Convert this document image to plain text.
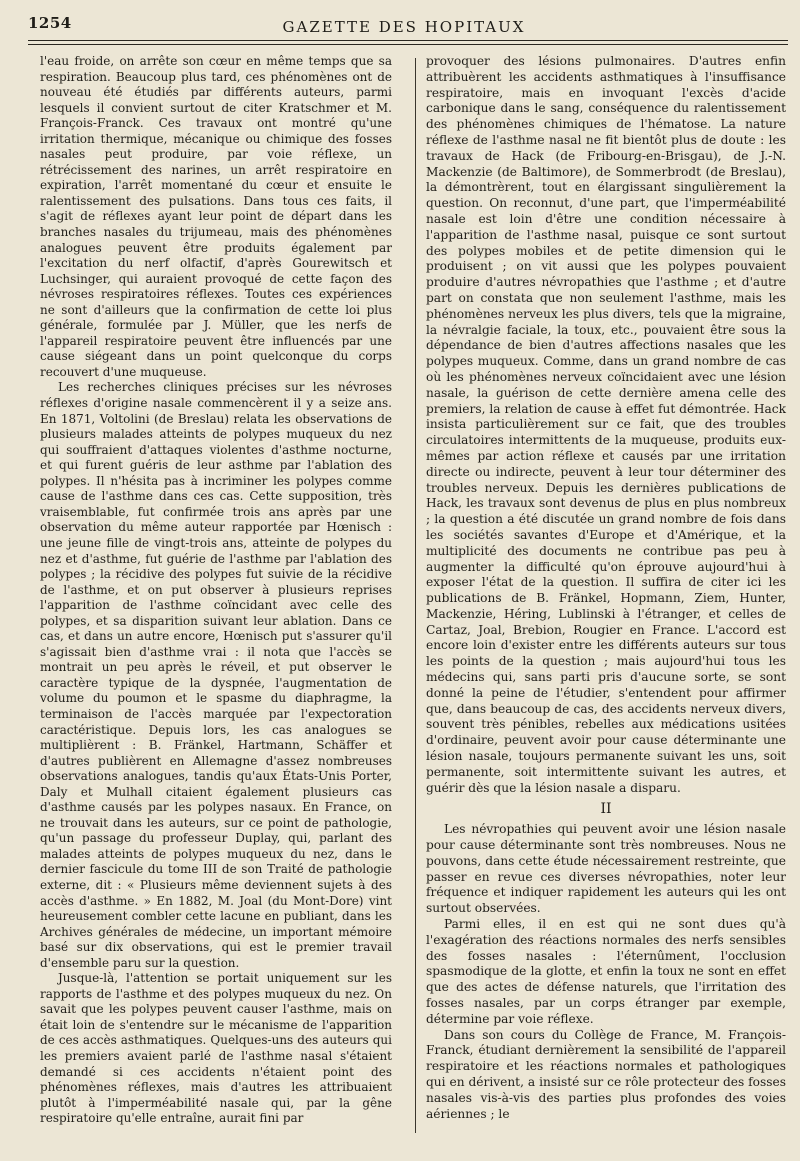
1254	GAZETTE DES HOPITAUX

l'eau froide, on arrête son cœur en même temps que sa respiration. Beaucoup plus tard, ces phénomènes ont de nouveau été étudiés par différents auteurs, parmi lesquels il convient surtout de citer Kratschmer et M. François-Franck. Ces travaux ont montré qu'une irritation thermique, mécanique ou chimique des fosses nasales peut produire, par voie réflexe, un rétrécissement des narines, un arrêt respiratoire en expiration, l'arrêt momentané du cœur et ensuite le ralentissement des pulsations. Dans tous ces faits, il s'agit de réflexes ayant leur point de départ dans les branches nasales du trijumeau, mais des phénomènes analogues peuvent être produits également par l'excitation du nerf olfactif, d'après Gourewitsch et Luchsinger, qui auraient provoqué de cette façon des névroses respiratoires réflexes. Toutes ces expériences ne sont d'ailleurs que la confirmation de cette loi plus générale, formulée par J. Müller, que les nerfs de l'appareil respiratoire peuvent être influencés par une cause siégeant dans un point quelconque du corps recouvert d'une muqueuse.

Les recherches cliniques précises sur les névroses réflexes d'origine nasale commencèrent il y a seize ans. En 1871, Voltolini (de Breslau) relata les observations de plusieurs malades atteints de polypes muqueux du nez qui souffraient d'attaques violentes d'asthme nocturne, et qui furent guéris de leur asthme par l'ablation des polypes. Il n'hésita pas à incriminer les polypes comme cause de l'asthme dans ces cas. Cette supposition, très vraisemblable, fut confirmée trois ans après par une observation du même auteur rapportée par Hœnisch : une jeune fille de vingt-trois ans, atteinte de polypes du nez et d'asthme, fut guérie de l'asthme par l'ablation des polypes ; la récidive des polypes fut suivie de la récidive de l'asthme, et on put observer à plusieurs reprises l'apparition de l'asthme coïncidant avec celle des polypes, et sa disparition suivant leur ablation. Dans ce cas, et dans un autre encore, Hœnisch put s'assurer qu'il s'agissait bien d'asthme vrai : il nota que l'accès se montrait un peu après le réveil, et put observer le caractère typique de la dyspnée, l'augmentation de volume du poumon et le spasme du diaphragme, la terminaison de l'accès marquée par l'expectoration caractéristique. Depuis lors, les cas analogues se multiplièrent : B. Fränkel, Hartmann, Schäffer et d'autres publièrent en Allemagne d'assez nombreuses observations analogues, tandis qu'aux États-Unis Porter, Daly et Mulhall citaient également plusieurs cas d'asthme causés par les polypes nasaux. En France, on ne trouvait dans les auteurs, sur ce point de pathologie, qu'un passage du professeur Duplay, qui, parlant des malades atteints de polypes muqueux du nez, dans le dernier fascicule du tome III de son Traité de pathologie externe, dit : « Plusieurs même deviennent sujets à des accès d'asthme. » En 1882, M. Joal (du Mont-Dore) vint heureusement combler cette lacune en publiant, dans les Archives générales de médecine, un important mémoire basé sur dix observations, qui est le premier travail d'ensemble paru sur la question.

Jusque-là, l'attention se portait uniquement sur les rapports de l'asthme et des polypes muqueux du nez. On savait que les polypes peuvent causer l'asthme, mais on était loin de s'entendre sur le mécanisme de l'apparition de ces accès asthmatiques. Quelques-uns des auteurs qui les premiers avaient parlé de l'asthme nasal s'étaient demandé si ces accidents n'étaient point des phénomènes réflexes, mais d'autres les attribuaient plutôt à l'imperméabilité nasale qui, par la gêne respiratoire qu'elle entraîne, aurait fini par

provoquer des lésions pulmonaires. D'autres enfin attribuèrent les accidents asthmatiques à l'insuffisance respiratoire, mais en invoquant l'excès d'acide carbonique dans le sang, conséquence du ralentissement des phénomènes chimiques de l'hématose. La nature réflexe de l'asthme nasal ne fit bientôt plus de doute : les travaux de Hack (de Fribourg-en-Brisgau), de J.-N. Mackenzie (de Baltimore), de Sommerbrodt (de Breslau), la démontrèrent, tout en élargissant singulièrement la question. On reconnut, d'une part, que l'imperméabilité nasale est loin d'être une condition nécessaire à l'apparition de l'asthme nasal, puisque ce sont surtout des polypes mobiles et de petite dimension qui le produisent ; on vit aussi que les polypes pouvaient produire d'autres névropathies que l'asthme ; et d'autre part on constata que non seulement l'asthme, mais les phénomènes nerveux les plus divers, tels que la migraine, la névralgie faciale, la toux, etc., pouvaient être sous la dépendance de bien d'autres affections nasales que les polypes muqueux. Comme, dans un grand nombre de cas où les phénomènes nerveux coïncidaient avec une lésion nasale, la guérison de cette dernière amena celle des premiers, la relation de cause à effet fut démontrée. Hack insista particulièrement sur ce fait, que des troubles circulatoires intermittents de la muqueuse, produits eux-mêmes par action réflexe et causés par une irritation directe ou indirecte, peuvent à leur tour déterminer des troubles nerveux. Depuis les dernières publications de Hack, les travaux sont devenus de plus en plus nombreux ; la question a été discutée un grand nombre de fois dans les sociétés savantes d'Europe et d'Amérique, et la multiplicité des documents ne contribue pas peu à augmenter la difficulté qu'on éprouve aujourd'hui à exposer l'état de la question. Il suffira de citer ici les publications de B. Fränkel, Hopmann, Ziem, Hunter, Mackenzie, Héring, Lublinski à l'étranger, et celles de Cartaz, Joal, Brebion, Rougier en France. L'accord est encore loin d'exister entre les différents auteurs sur tous les points de la question ; mais aujourd'hui tous les médecins qui, sans parti pris d'aucune sorte, se sont donné la peine de l'étudier, s'entendent pour affirmer que, dans beaucoup de cas, des accidents nerveux divers, souvent très pénibles, rebelles aux médications usitées d'ordinaire, peuvent avoir pour cause déterminante une lésion nasale, toujours permanente suivant les uns, soit permanente, soit intermittente suivant les autres, et guérir dès que la lésion nasale a disparu.

II

Les névropathies qui peuvent avoir une lésion nasale pour cause déterminante sont très nombreuses. Nous ne pouvons, dans cette étude nécessairement restreinte, que passer en revue ces diverses névropathies, noter leur fréquence et indiquer rapidement les auteurs qui les ont surtout observées.

Parmi elles, il en est qui ne sont dues qu'à l'exagération des réactions normales des nerfs sensibles des fosses nasales : l'éternûment, l'occlusion spasmodique de la glotte, et enfin la toux ne sont en effet que des actes de défense naturels, que l'irritation des fosses nasales, par un corps étranger par exemple, détermine par voie réflexe.

Dans son cours du Collège de France, M. François-Franck, étudiant dernièrement la sensibilité de l'appareil respiratoire et les réactions normales et pathologiques qui en dérivent, a insisté sur ce rôle protecteur des fosses nasales vis-à-vis des parties plus profondes des voies aériennes ; le
